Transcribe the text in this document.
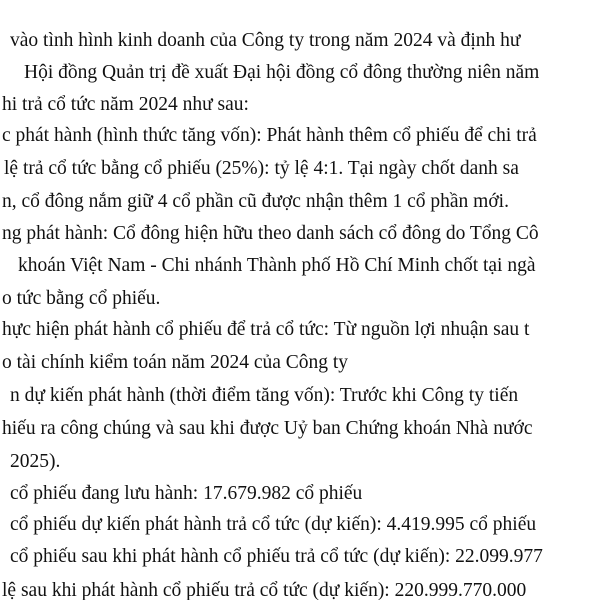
vào tình hình kinh doanh của Công ty trong năm 2024 và định hư
Hội đồng Quản trị đề xuất Đại hội đồng cổ đông thường niên năm
hi trả cổ tức năm 2024 như sau:
c phát hành (hình thức tăng vốn): Phát hành thêm cổ phiếu để chi trả
lệ trả cổ tức bằng cổ phiếu (25%): tỷ lệ 4:1. Tại ngày chốt danh sa
n, cổ đông nắm giữ 4 cổ phần cũ được nhận thêm 1 cổ phần mới.
ng phát hành: Cổ đông hiện hữu theo danh sách cổ đông do Tổng Cô
khoán Việt Nam - Chi nhánh Thành phố Hồ Chí Minh chốt tại ngà
o tức bằng cổ phiếu.
hực hiện phát hành cổ phiếu để trả cổ tức: Từ nguồn lợi nhuận sau t
o tài chính kiểm toán năm 2024 của Công ty
n dự kiến phát hành (thời điểm tăng vốn): Trước khi Công ty tiến
hiếu ra công chúng và sau khi được Uỷ ban Chứng khoán Nhà nước
2025).
cổ phiếu đang lưu hành: 17.679.982 cổ phiếu
cổ phiếu dự kiến phát hành trả cổ tức (dự kiến): 4.419.995 cổ phiếu
cổ phiếu sau khi phát hành cổ phiếu trả cổ tức (dự kiến): 22.099.977
lệ sau khi phát hành cổ phiếu trả cổ tức (dự kiến): 220.999.770.000
